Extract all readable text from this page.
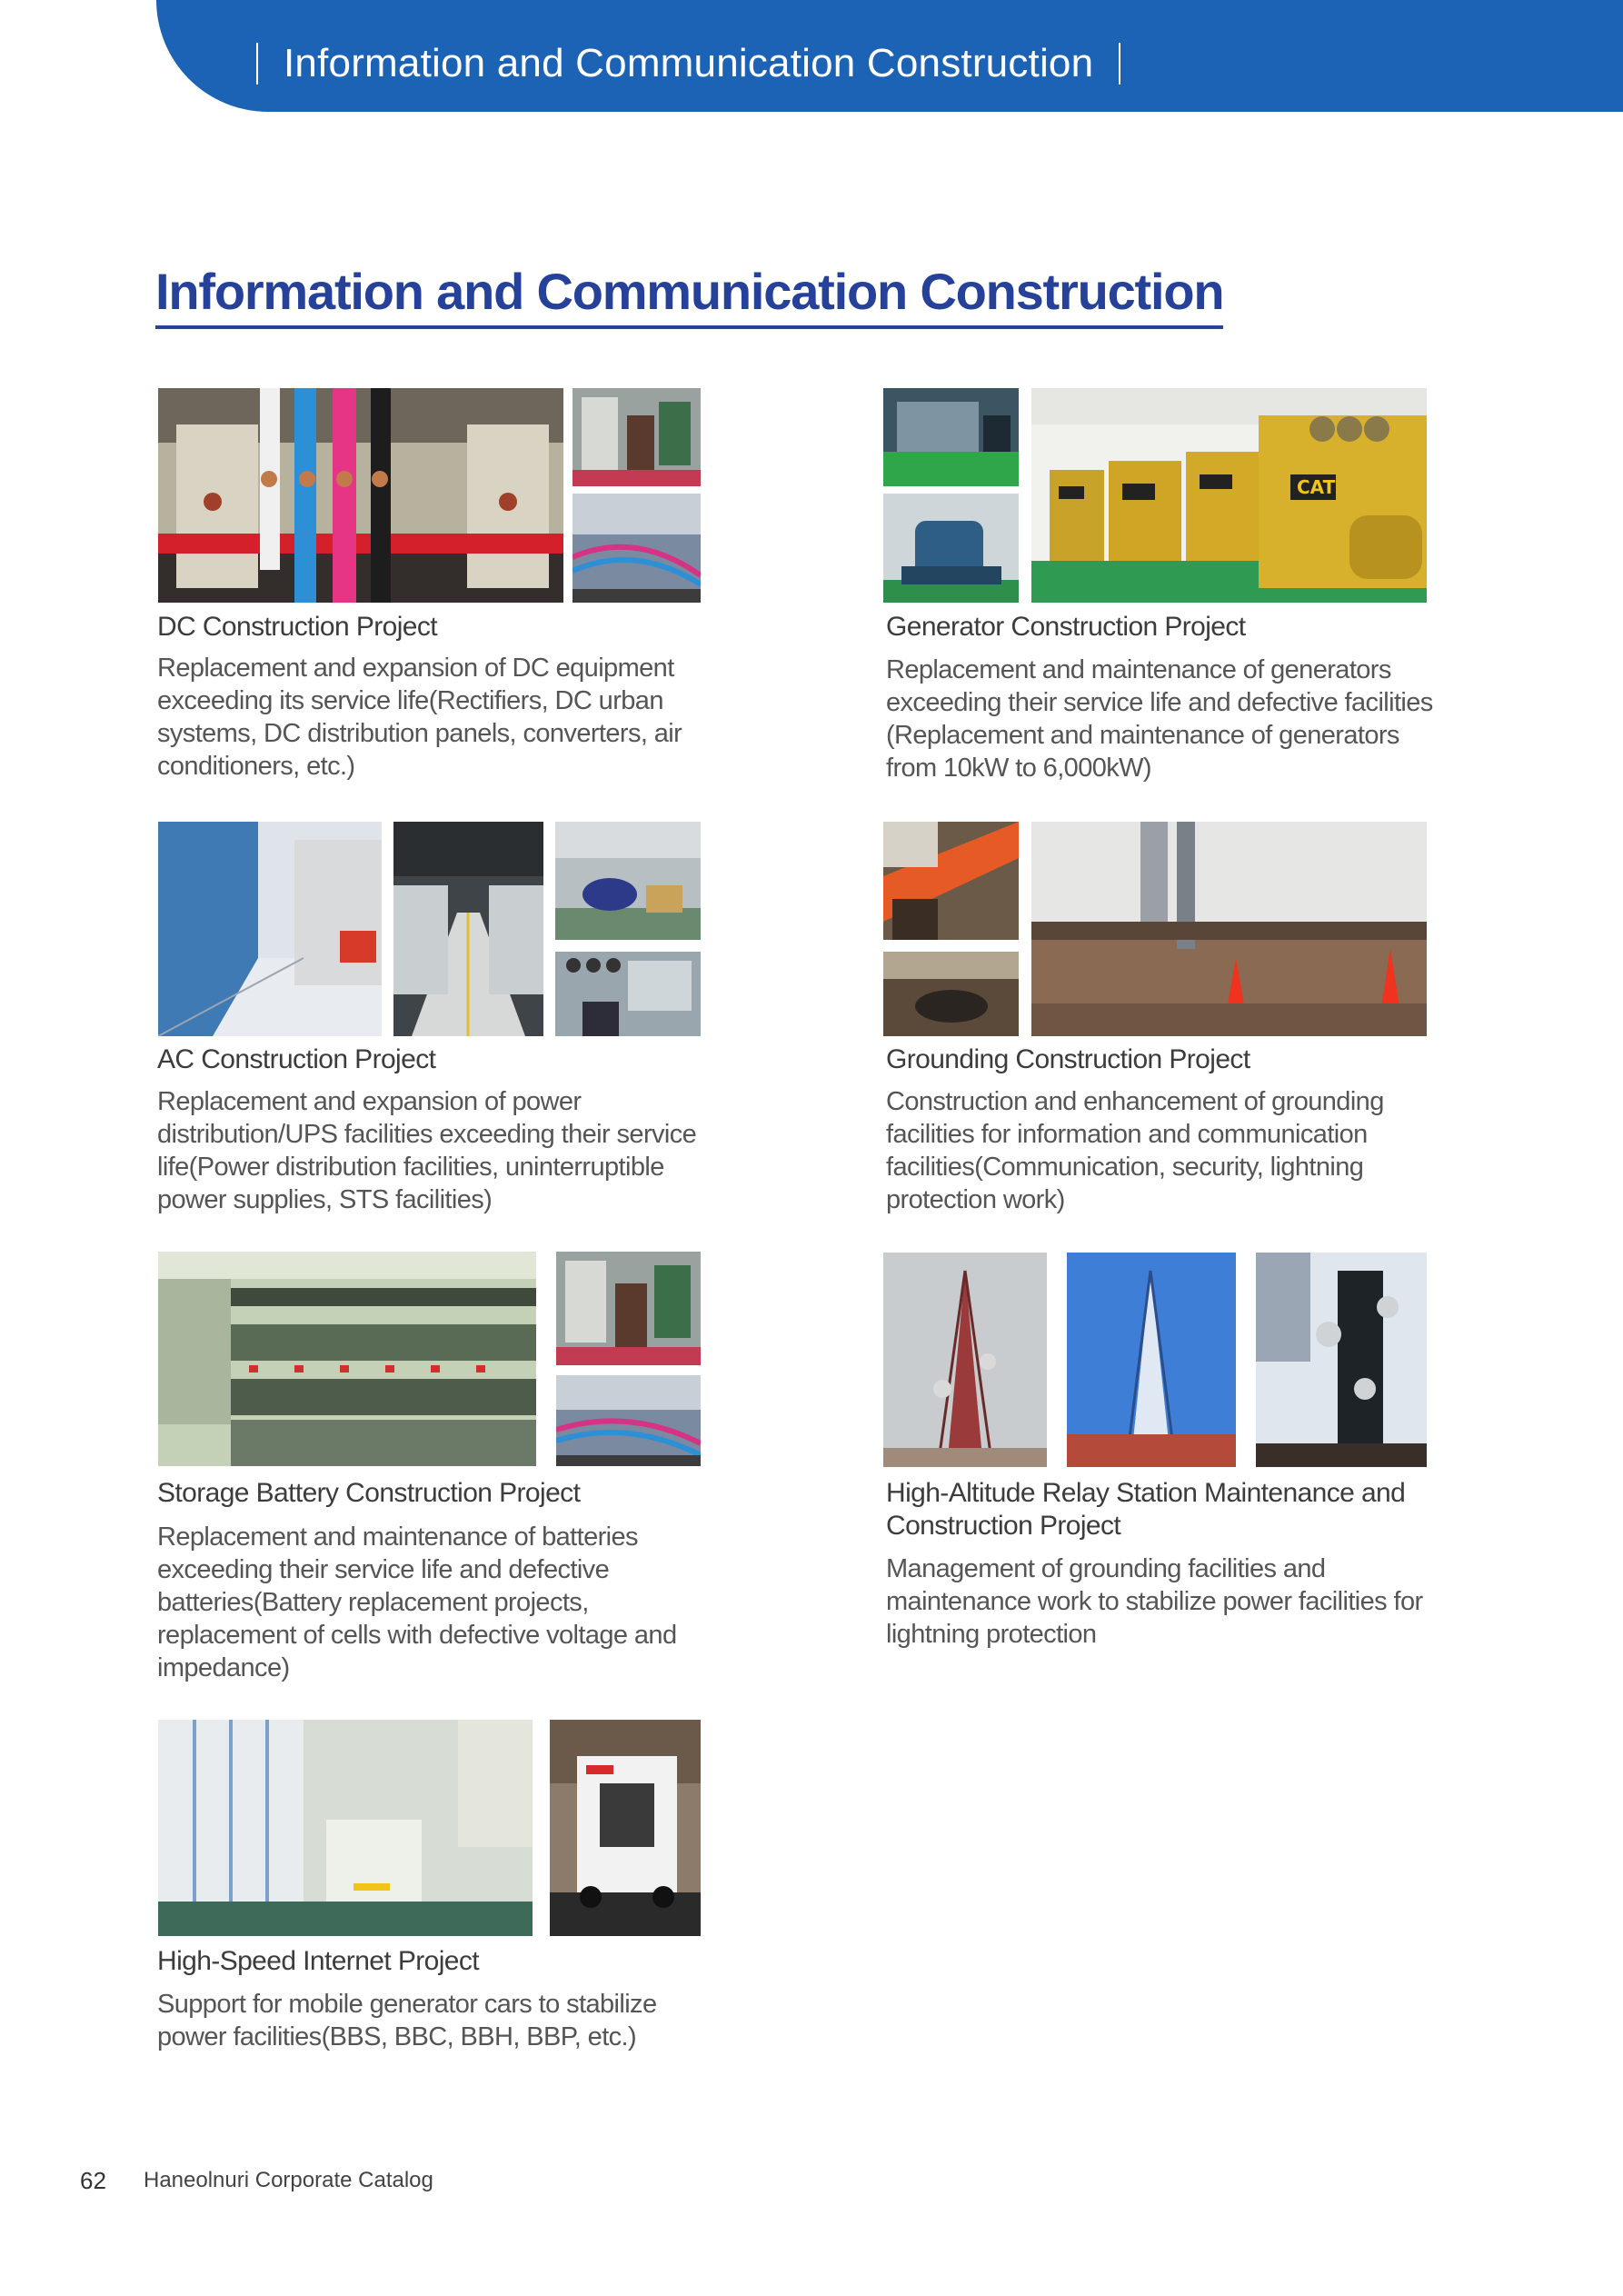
Information and Communication Construction
Information and Communication Construction
DC Construction Project
Replacement and expansion of DC equipment exceeding its service life(Rectifiers, DC urban systems, DC distribution panels, converters, air conditioners, etc.)
CAT
Generator Construction Project
Replacement and maintenance of generators exceeding their service life and defective facilities (Replacement and maintenance of generators from 10kW to 6,000kW)
AC Construction Project
Replacement and expansion of power distribution/UPS facilities exceeding their service life(Power distribution facilities, uninterruptible power supplies, STS facilities)
Grounding Construction Project
Construction and enhancement of grounding facilities for information and communication facilities(Communication, security, lightning protection work)
Storage Battery Construction Project
Replacement and maintenance of batteries exceeding their service life and defective batteries(Battery replacement projects, replacement of cells with defective voltage and impedance)
High-Altitude Relay Station Maintenance and Construction Project
Management of grounding facilities and maintenance work to stabilize power facilities for lightning protection
High-Speed Internet Project
Support for mobile generator cars to stabilize power facilities(BBS, BBC, BBH, BBP, etc.)
62 Haneolnuri Corporate Catalog
